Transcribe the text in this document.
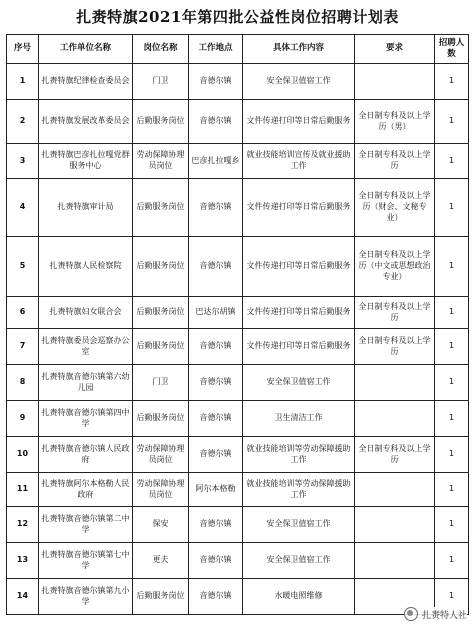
扎赉特旗2021年第四批公益性岗位招聘计划表
序号	工作单位名称	岗位名称	工作地点	具体工作内容	要求	招聘人数
1	扎赉特旗纪律检查委员会	门卫	音德尔镇	安全保卫值宿工作		1
2	扎赉特旗发展改革委员会	后勤服务岗位	音德尔镇	文件传递打印等日常后勤服务	全日制专科及以上学历（男）	1
3	扎赉特旗巴彦扎拉嘎党群服务中心	劳动保障协理员岗位	巴彦扎拉嘎乡	就业技能培训宣传及就业援助工作	全日制专科及以上学历	1
4	扎赉特旗审计局	后勤服务岗位	音德尔镇	文件传递打印等日常后勤服务	全日制专科及以上学历（财会、文秘专业）	1
5	扎赉特旗人民检察院	后勤服务岗位	音德尔镇	文件传递打印等日常后勤服务	全日制专科及以上学历（中文或思想政治专业）	1
6	扎赉特旗妇女联合会	后勤服务岗位	巴达尔胡镇	文件传递打印等日常后勤服务	全日制专科及以上学历	1
7	扎赉特旗委员会巡察办公室	后勤服务岗位	音德尔镇	文件传递打印等日常后勤服务	全日制专科及以上学历	1
8	扎赉特旗音德尔镇第六幼儿园	门卫	音德尔镇	安全保卫值宿工作		1
9	扎赉特旗音德尔镇第四中学	后勤服务岗位	音德尔镇	卫生清洁工作		1
10	扎赉特旗音德尔镇人民政府	劳动保障协理员岗位	音德尔镇	就业技能培训等劳动保障援助工作	全日制专科及以上学历	1
11	扎赉特旗阿尔本格勒人民政府	劳动保障协理员岗位	阿尔本格勒	就业技能培训等劳动保障援助工作		1
12	扎赉特旗音德尔镇第二中学	保安	音德尔镇	安全保卫值宿工作		1
13	扎赉特旗音德尔镇第七中学	更夫	音德尔镇	安全保卫值宿工作		1
14	扎赉特旗音德尔镇第九小学	后勤服务岗位	音德尔镇	水暖电照维修		1
扎赉特人社
